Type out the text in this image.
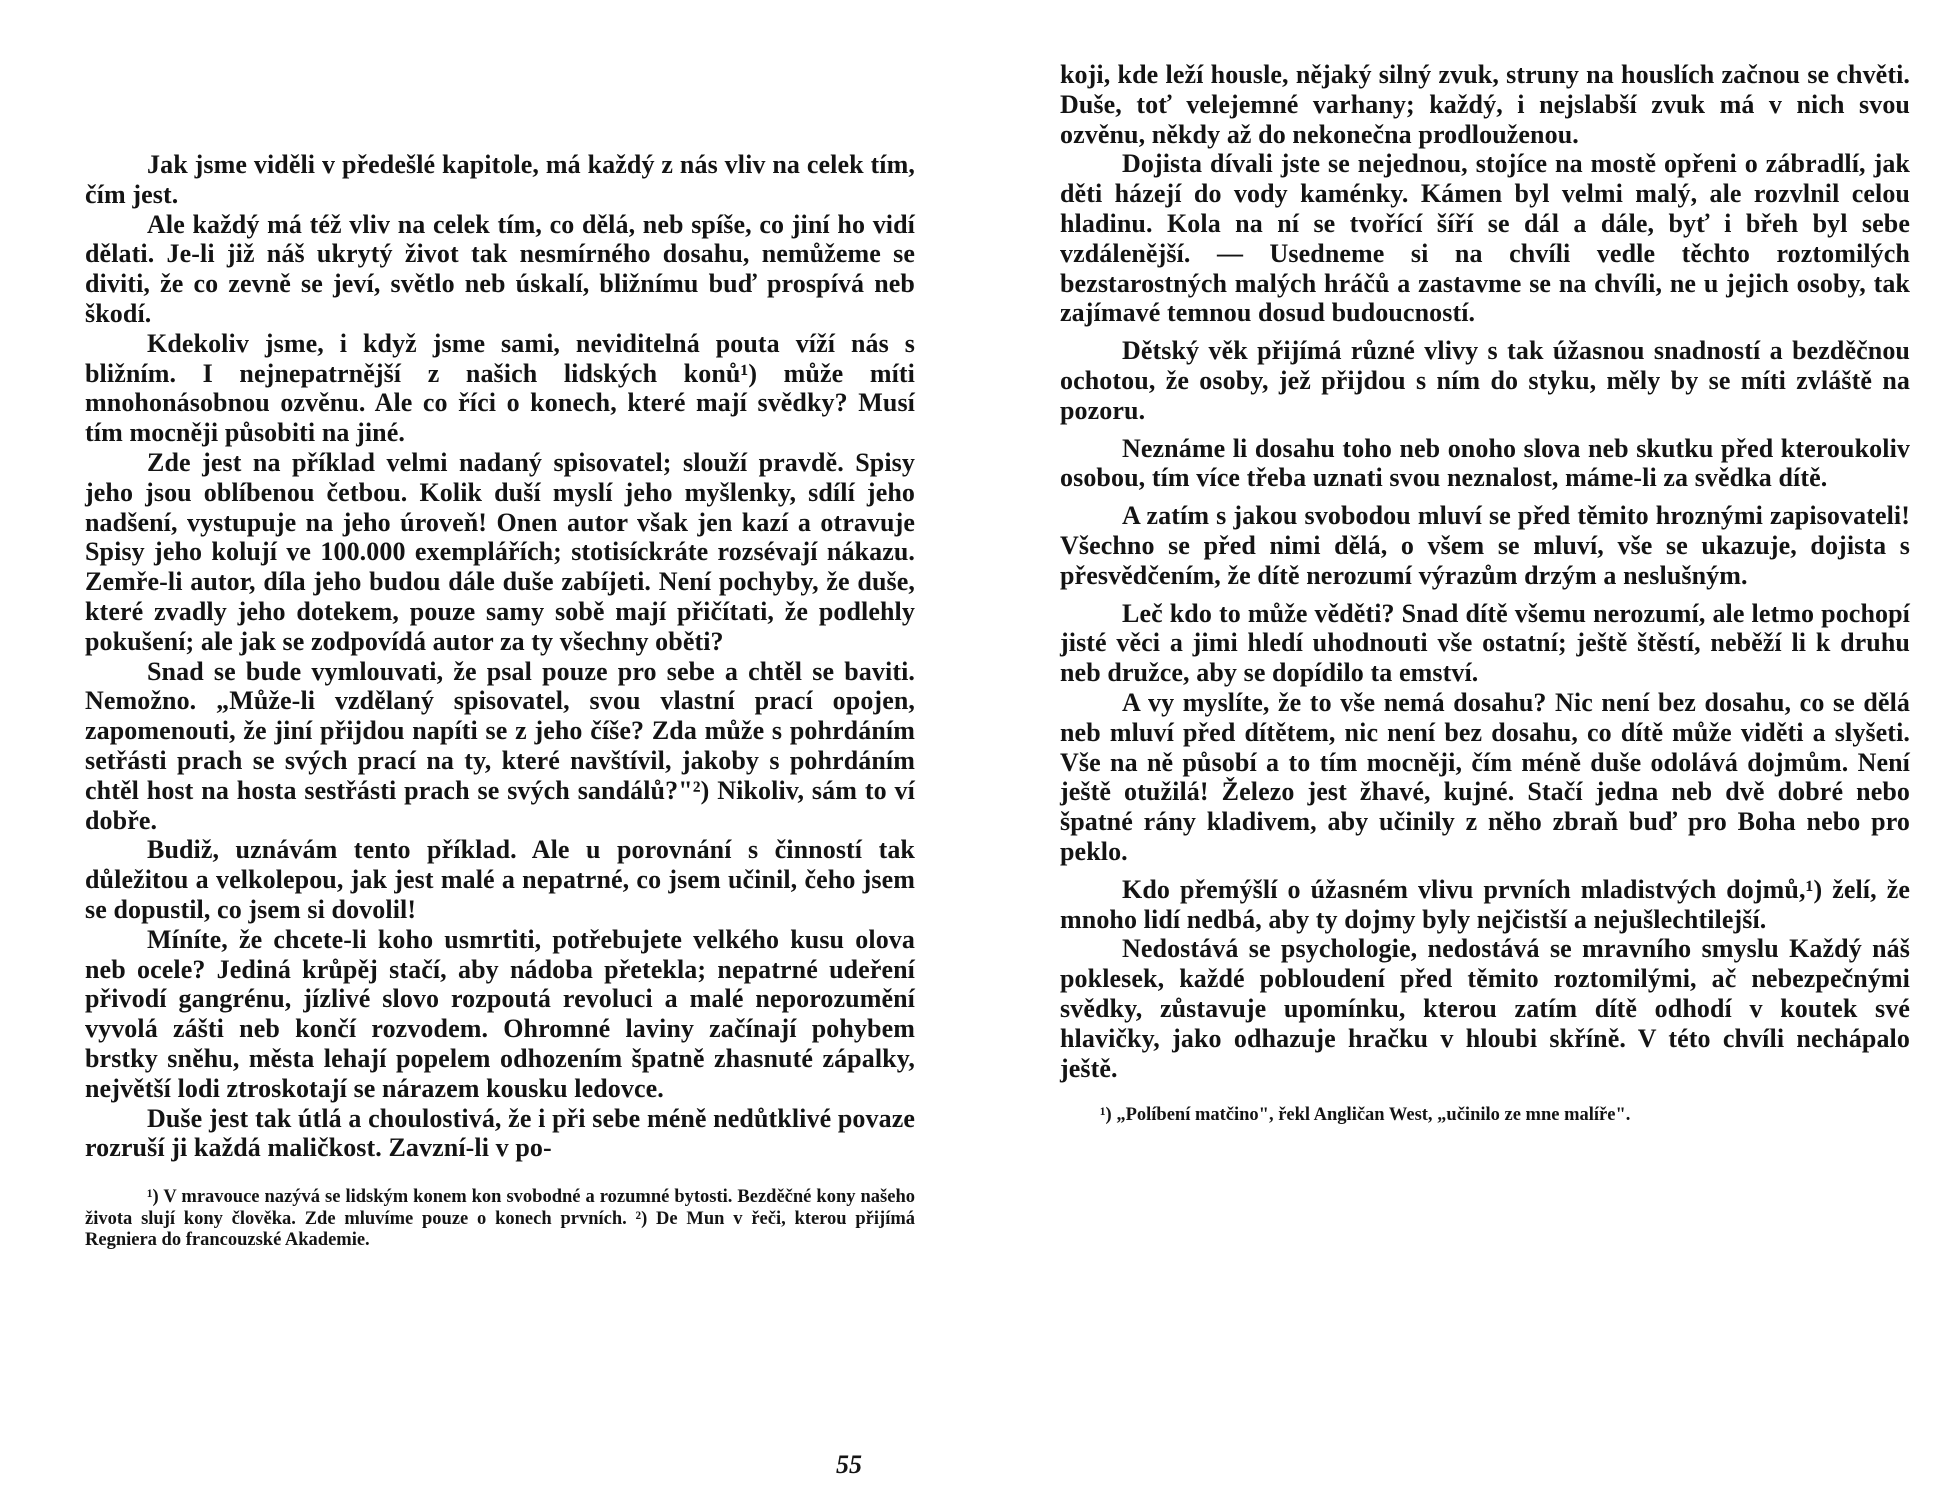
Jak jsme viděli v předešlé kapitole, má každý z nás vliv na celek tím, čím jest.

Ale každý má též vliv na celek tím, co dělá, neb spíše, co jiní ho vidí dělati. Je-li již náš ukrytý život tak nesmírného dosahu, nemůžeme se diviti, že co zevně se jeví, světlo neb úskalí, bližnímu buď prospívá neb škodí.

Kdekoliv jsme, i když jsme sami, neviditelná pouta víží nás s bližním. I nejnepatrnější z našich lidských konů¹) může míti mnohonásobnou ozvěnu. Ale co říci o konech, které mají svědky? Musí tím mocněji působiti na jiné.

Zde jest na příklad velmi nadaný spisovatel; slouží pravdě. Spisy jeho jsou oblíbenou četbou. Kolik duší myslí jeho myšlenky, sdílí jeho nadšení, vystupuje na jeho úroveň! Onen autor však jen kazí a otravuje Spisy jeho kolují ve 100.000 exemplářích; stotisíckráte rozsévají nákazu. Zemře-li autor, díla jeho budou dále duše zabíjeti. Není pochyby, že duše, které zvadly jeho dotekem, pouze samy sobě mají přičítati, že podlehly pokušení; ale jak se zodpovídá autor za ty všechny oběti?

Snad se bude vymlouvati, že psal pouze pro sebe a chtěl se baviti. Nemožno. „Může-li vzdělaný spisovatel, svou vlastní prací opojen, zapomenouti, že jiní přijdou napíti se z jeho číše? Zda může s pohrdáním setřásti prach se svých prací na ty, které navštívil, jakoby s pohrdáním chtěl host na hosta sestřásti prach se svých sandálů?"²) Nikoliv, sám to ví dobře.

Budiž, uznávám tento příklad. Ale u porovnání s činností tak důležitou a velkolepou, jak jest malé a nepatrné, co jsem učinil, čeho jsem se dopustil, co jsem si dovolil!

Míníte, že chcete-li koho usmrtiti, potřebujete velkého kusu olova neb ocele? Jediná krůpěj stačí, aby nádoba přetekla; nepatrné udeření přivodí gangrénu, jízlivé slovo rozpoutá revoluci a malé neporozumění vyvolá zášti neb končí rozvodem. Ohromné laviny začínají pohybem brstky sněhu, města lehají popelem odhozením špatně zhasnuté zápalky, největší lodi ztroskotají se nárazem kousku ledovce.

Duše jest tak útlá a choulostivá, že i při sebe méně nedůtklivé povaze rozruší ji každá maličkost. Zavzní-li v po-

¹) V mravouce nazývá se lidským konem kon svobodné a rozumné bytosti. Bezděčné kony našeho života slují kony člověka. Zde mluvíme pouze o konech prvních. ²) De Mun v řeči, kterou přijímá Regniera do francouzské Akademie.

55

koji, kde leží housle, nějaký silný zvuk, struny na houslích začnou se chvěti. Duše, toť velejemné varhany; každý, i nejslabší zvuk má v nich svou ozvěnu, někdy až do nekonečna prodlouženou.

Dojista dívali jste se nejednou, stojíce na mostě opřeni o zábradlí, jak děti házejí do vody kaménky. Kámen byl velmi malý, ale rozvlnil celou hladinu. Kola na ní se tvořící šíří se dál a dále, byť i břeh byl sebe vzdálenější. — Usedneme si na chvíli vedle těchto roztomilých bezstarostných malých hráčů a zastavme se na chvíli, ne u jejich osoby, tak zajímavé temnou dosud budoucností.

Dětský věk přijímá různé vlivy s tak úžasnou snadností a bezděčnou ochotou, že osoby, jež přijdou s ním do styku, měly by se míti zvláště na pozoru.

Neznáme li dosahu toho neb onoho slova neb skutku před kteroukoliv osobou, tím více třeba uznati svou neznalost, máme-li za svědka dítě.

A zatím s jakou svobodou mluví se před těmito hroznými zapisovateli! Všechno se před nimi dělá, o všem se mluví, vše se ukazuje, dojista s přesvědčením, že dítě nerozumí výrazům drzým a neslušným.

Leč kdo to může věděti? Snad dítě všemu nerozumí, ale letmo pochopí jisté věci a jimi hledí uhodnouti vše ostatní; ještě štěstí, neběží li k druhu neb družce, aby se dopídilo ta emství.

A vy myslíte, že to vše nemá dosahu? Nic není bez dosahu, co se dělá neb mluví před dítětem, nic není bez dosahu, co dítě může viděti a slyšeti. Vše na ně působí a to tím mocněji, čím méně duše odolává dojmům. Není ještě otužilá! Železo jest žhavé, kujné. Stačí jedna neb dvě dobré nebo špatné rány kladivem, aby učinily z něho zbraň buď pro Boha nebo pro peklo.

Kdo přemýšlí o úžasném vlivu prvních mladistvých dojmů,¹) želí, že mnoho lidí nedbá, aby ty dojmy byly nejčistší a nejušlechtilejší.

Nedostává se psychologie, nedostává se mravního smyslu Každý náš poklesek, každé pobloudení před těmito roztomilými, ač nebezpečnými svědky, zůstavuje upomínku, kterou zatím dítě odhodí v koutek své hlavičky, jako odhazuje hračku v hloubi skříně. V této chvíli nechápalo ještě.

¹) „Políbení matčino", řekl Angličan West, „učinilo ze mne malíře".
